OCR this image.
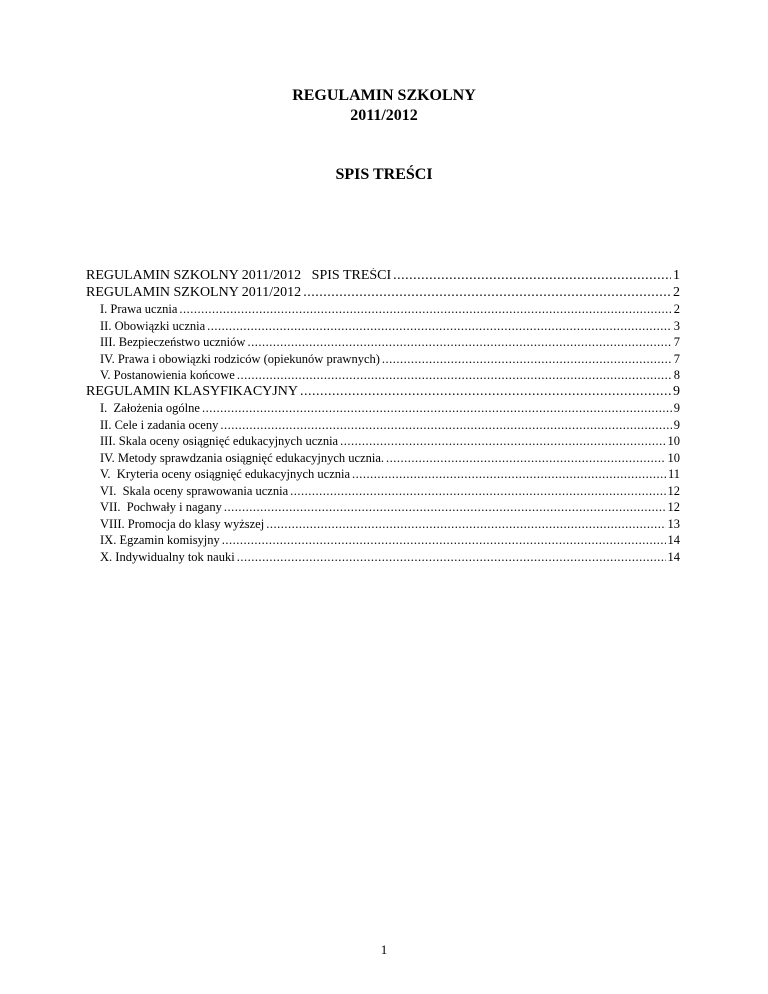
REGULAMIN SZKOLNY
2011/2012
SPIS TREŚCI
REGULAMIN SZKOLNY 2011/2012   SPIS TREŚCI .....	1
REGULAMIN SZKOLNY 2011/2012 .....	2
I. Prawa ucznia .....	2
II. Obowiązki ucznia .....	3
III. Bezpieczeństwo uczniów .....	7
IV. Prawa i obowiązki rodziców (opiekunów prawnych) .....	7
V. Postanowienia końcowe .....	8
REGULAMIN KLASYFIKACYJNY .....	9
I.  Założenia ogólne .....	9
II. Cele i zadania oceny .....	9
III. Skala oceny osiągnięć edukacyjnych ucznia .....	10
IV. Metody sprawdzania osiągnięć edukacyjnych ucznia. .....	10
V.  Kryteria oceny osiągnięć edukacyjnych ucznia .....	11
VI.  Skala oceny sprawowania ucznia .....	12
VII.  Pochwały i nagany .....	12
VIII. Promocja do klasy wyższej .....	13
IX. Egzamin komisyjny .....	14
X. Indywidualny tok nauki .....	14
1
